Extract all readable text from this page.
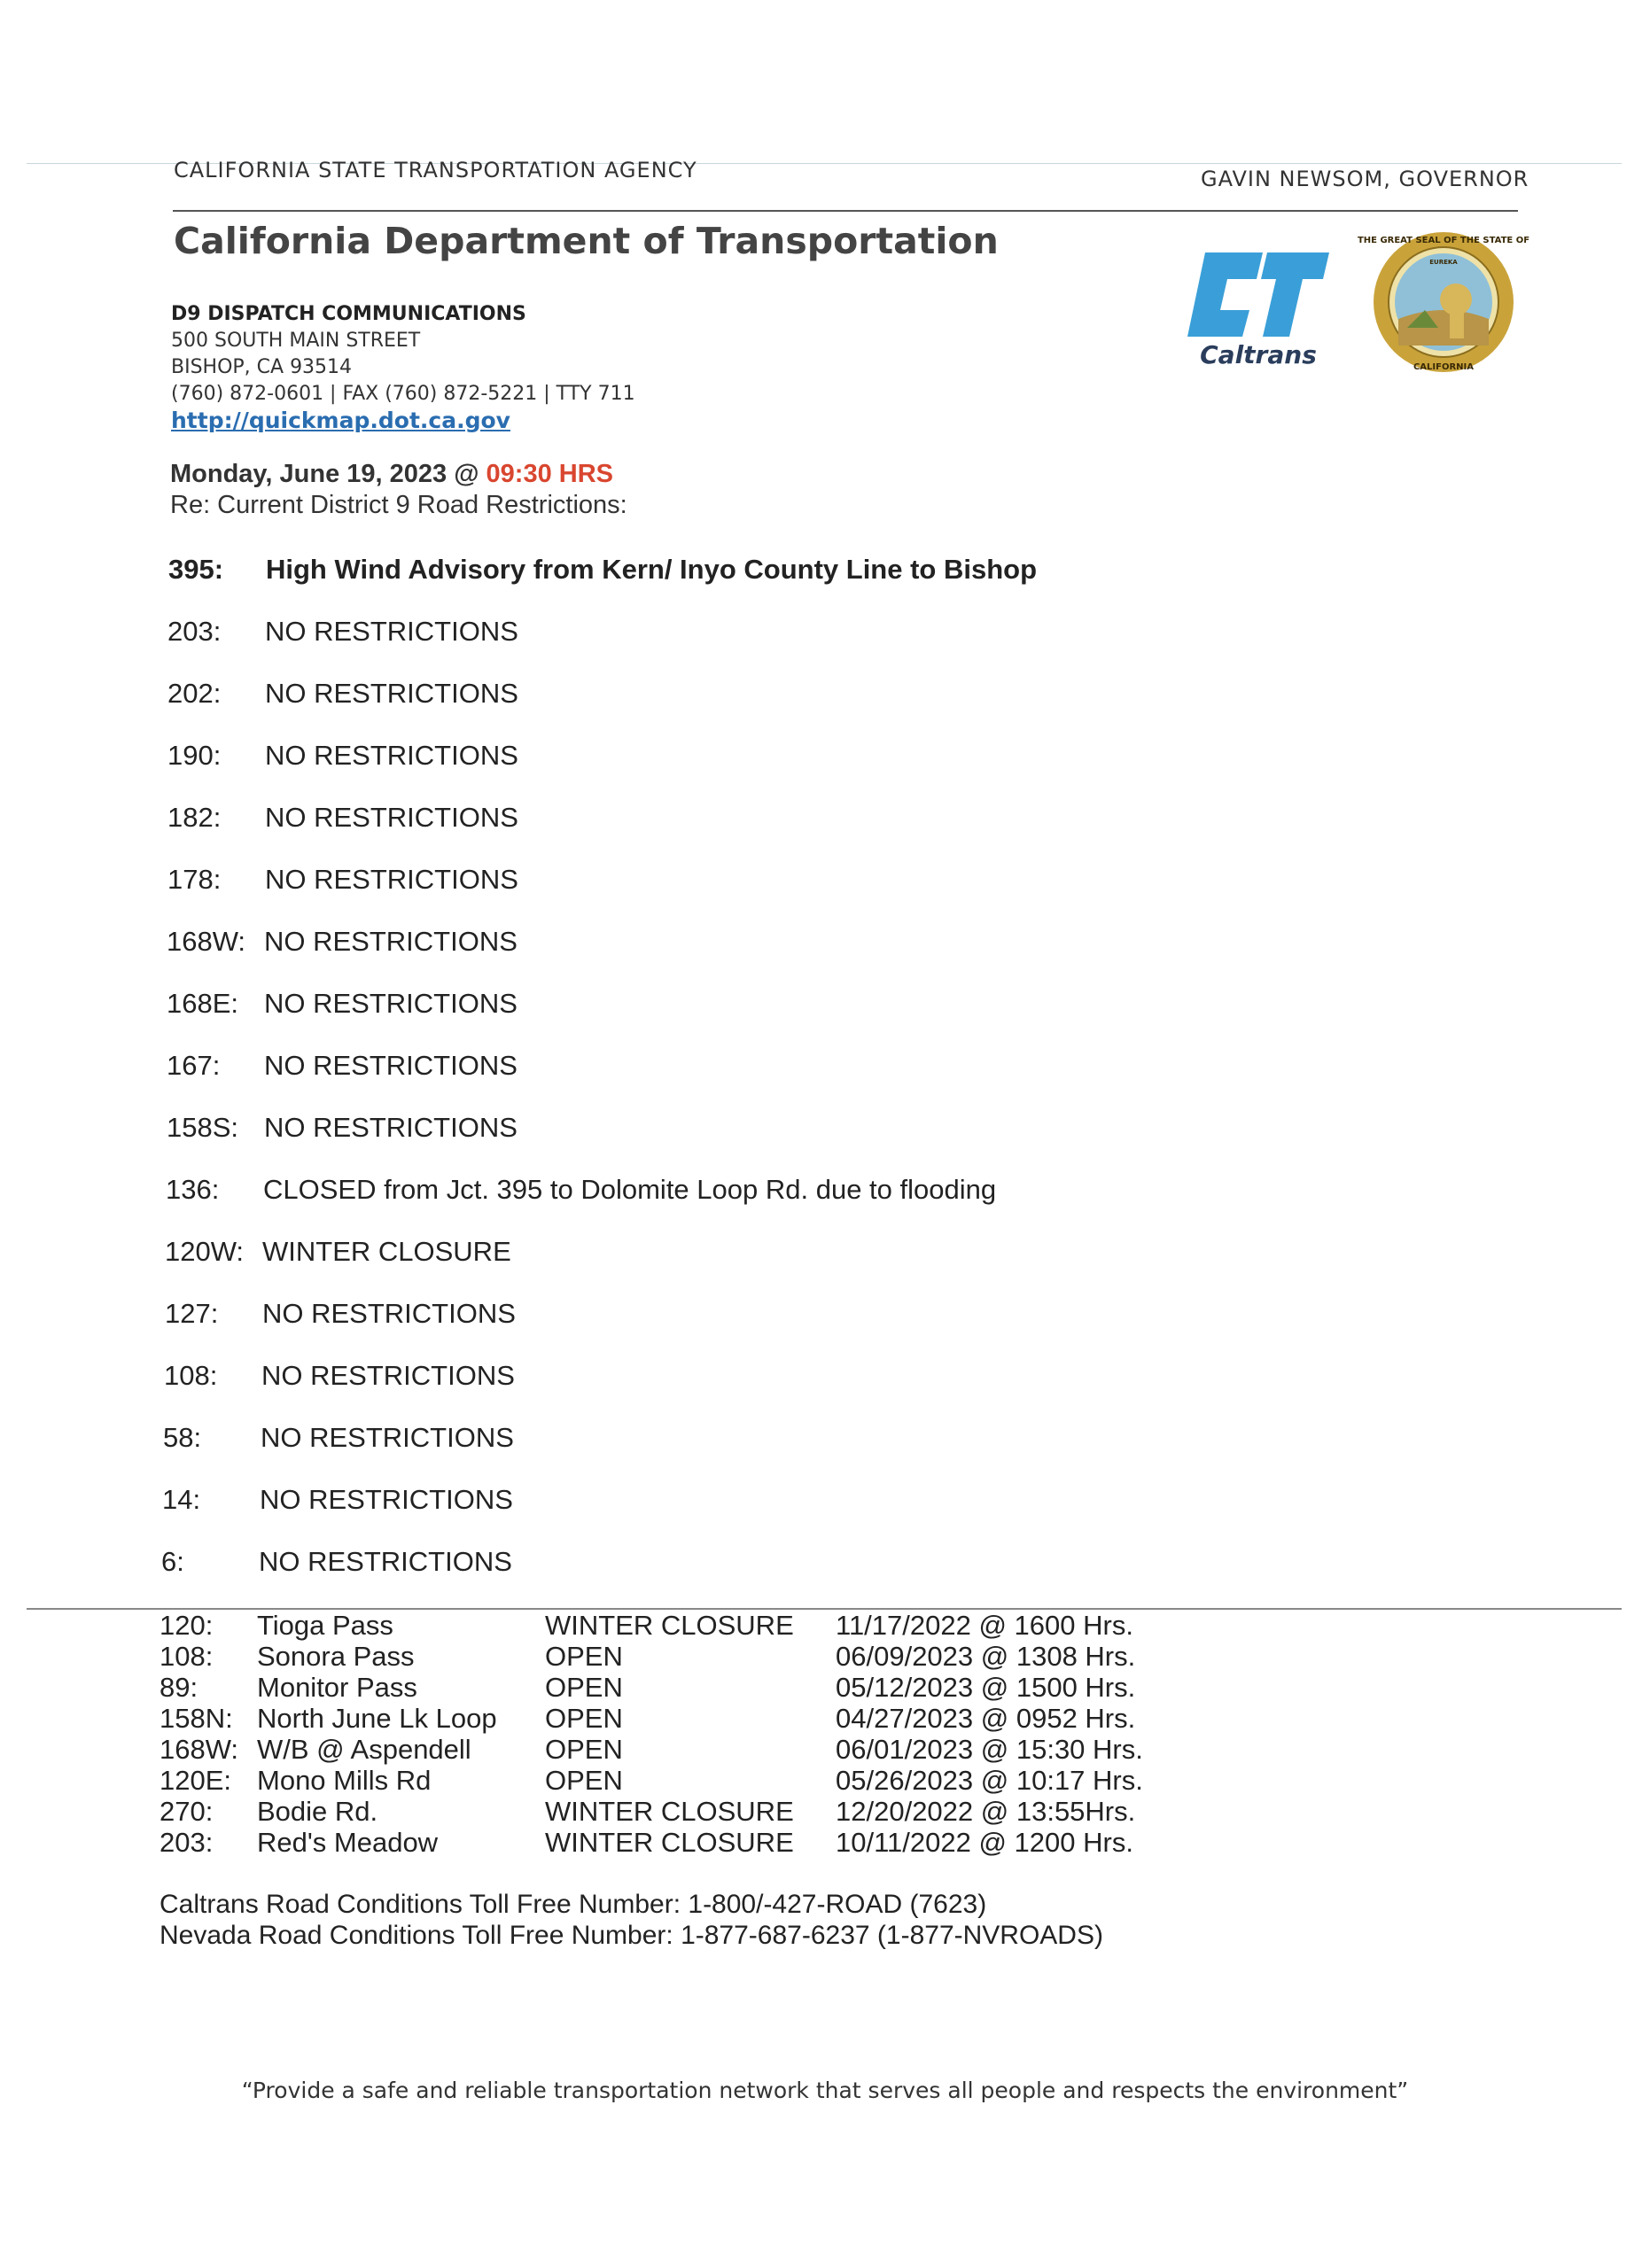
CALIFORNIA STATE TRANSPORTATION AGENCY	GAVIN NEWSOM, GOVERNOR
California Department of Transportation
Caltrans
THE GREAT SEAL OF THE STATE OF
CALIFORNIA
EUREKA
D9 DISPATCH COMMUNICATIONS
500 SOUTH MAIN STREET
BISHOP, CA 93514
(760) 872-0601 | FAX (760) 872-5221 | TTY 711
http://quickmap.dot.ca.gov
Monday, June 19, 2023 @ 09:30 HRS
Re: Current District 9 Road Restrictions:
395: High Wind Advisory from Kern/ Inyo County Line to Bishop
203: NO RESTRICTIONS
202: NO RESTRICTIONS
190: NO RESTRICTIONS
182: NO RESTRICTIONS
178: NO RESTRICTIONS
168W: NO RESTRICTIONS
168E: NO RESTRICTIONS
167: NO RESTRICTIONS
158S: NO RESTRICTIONS
136: CLOSED from Jct. 395 to Dolomite Loop Rd. due to flooding
120W: WINTER CLOSURE
127: NO RESTRICTIONS
108: NO RESTRICTIONS
58: NO RESTRICTIONS
14: NO RESTRICTIONS
6:	NO RESTRICTIONS
120: Tioga Pass	WINTER CLOSURE 11/17/2022 @ 1600 Hrs.
108: Sonora Pass	OPEN	06/09/2023 @ 1308 Hrs.
89: Monitor Pass	OPEN	05/12/2023 @ 1500 Hrs.
158N: North June Lk Loop OPEN	04/27/2023 @ 0952 Hrs.
168W: W/B @ Aspendell	OPEN	06/01/2023 @ 15:30 Hrs.
120E: Mono Mills Rd	OPEN	05/26/2023 @ 10:17 Hrs.
270: Bodie Rd.	WINTER CLOSURE 12/20/2022 @ 13:55Hrs.
203: Red's Meadow	WINTER CLOSURE 10/11/2022 @ 1200 Hrs.
Caltrans Road Conditions Toll Free Number: 1-800/-427-ROAD (7623)
Nevada Road Conditions Toll Free Number: 1-877-687-6237 (1-877-NVROADS)
“Provide a safe and reliable transportation network that serves all people and respects the environment”
